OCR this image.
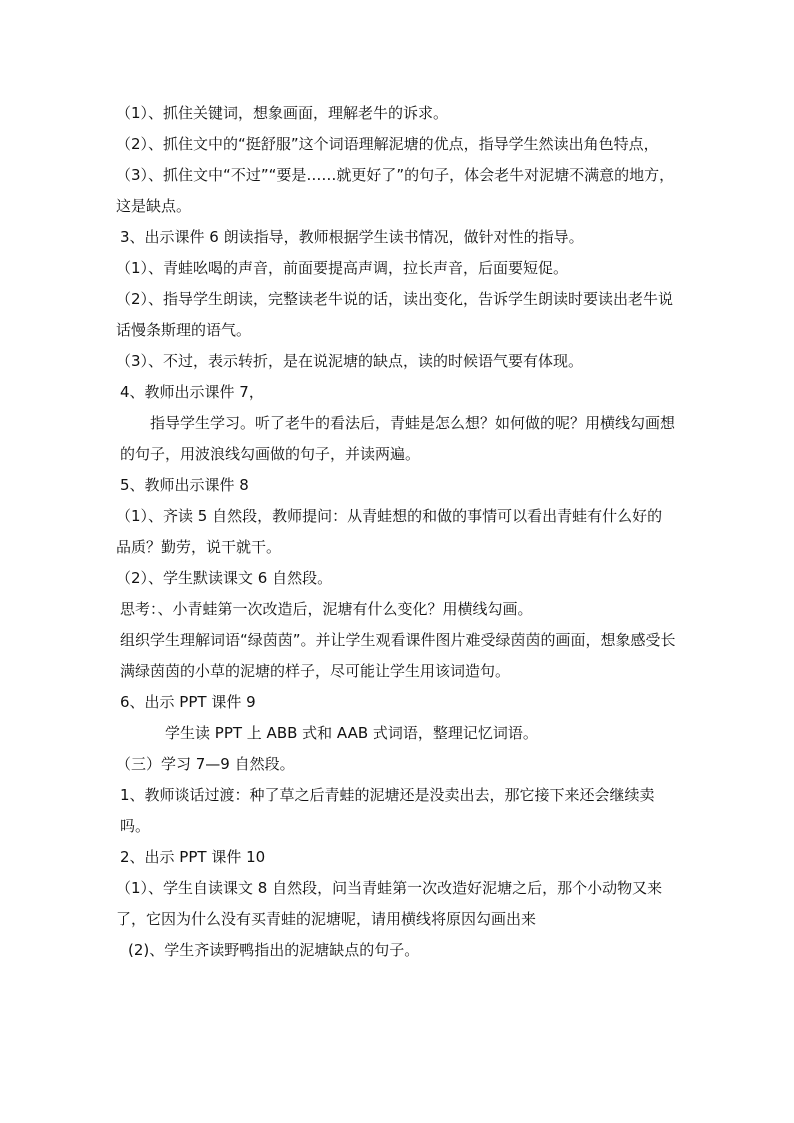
（1）、抓住关键词，想象画面，理解老牛的诉求。

（2）、抓住文中的“挺舒服”这个词语理解泥塘的优点，指导学生然读出角色特点，

（3）、抓住文中“不过”“要是……就更好了”的句子，体会老牛对泥塘不满意的地方，这是缺点。

3、出示课件 6 朗读指导，教师根据学生读书情况，做针对性的指导。

（1）、青蛙吆喝的声音，前面要提高声调，拉长声音，后面要短促。

（2）、指导学生朗读，完整读老牛说的话，读出变化，告诉学生朗读时要读出老牛说话慢条斯理的语气。

（3）、不过，表示转折，是在说泥塘的缺点，读的时候语气要有体现。

4、教师出示课件 7，

指导学生学习。听了老牛的看法后，青蛙是怎么想？如何做的呢？用横线勾画想的句子，用波浪线勾画做的句子，并读两遍。

5、教师出示课件 8

（1）、齐读 5 自然段，教师提问：从青蛙想的和做的事情可以看出青蛙有什么好的品质？勤劳，说干就干。

（2）、学生默读课文 6 自然段。

思考：、小青蛙第一次改造后，泥塘有什么变化？用横线勾画。

组织学生理解词语“绿茵茵”。并让学生观看课件图片难受绿茵茵的画面，想象感受长满绿茵茵的小草的泥塘的样子，尽可能让学生用该词造句。

6、出示 PPT 课件 9

学生读 PPT 上 ABB 式和 AAB 式词语，整理记忆词语。

（三）学习 7—9 自然段。

1、教师谈话过渡：种了草之后青蛙的泥塘还是没卖出去，那它接下来还会继续卖吗。

2、出示 PPT 课件 10

（1）、学生自读课文 8 自然段，问当青蛙第一次改造好泥塘之后，那个小动物又来了，它因为什么没有买青蛙的泥塘呢，请用横线将原因勾画出来

(2)、学生齐读野鸭指出的泥塘缺点的句子。
